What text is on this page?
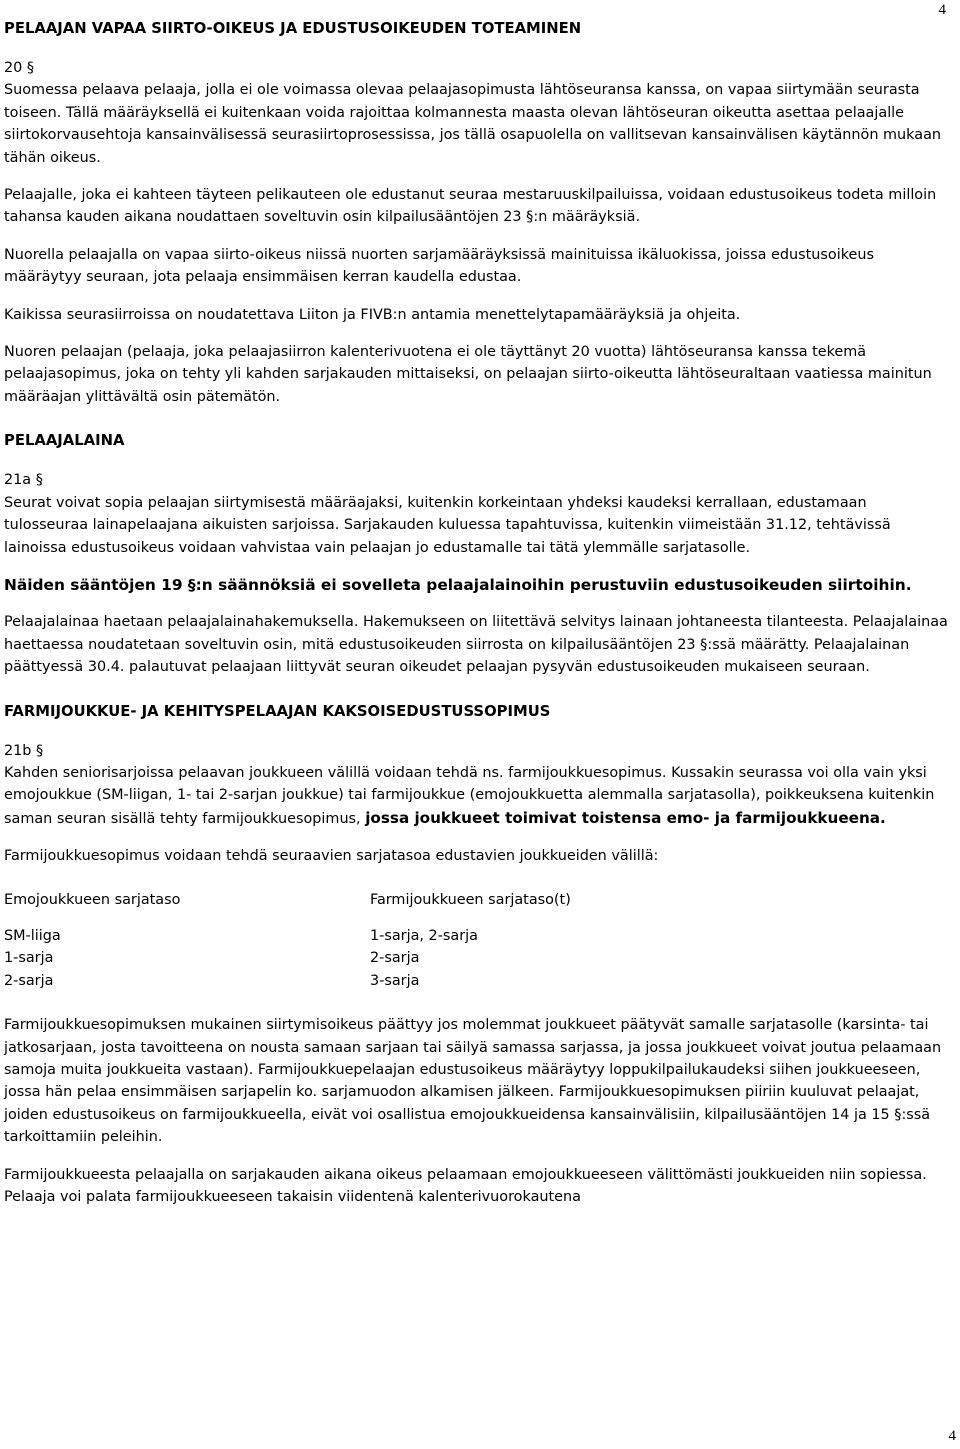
4
PELAAJAN VAPAA SIIRTO-OIKEUS JA EDUSTUSOIKEUDEN TOTEAMINEN

20 §

Suomessa pelaava pelaaja, jolla ei ole voimassa olevaa pelaajasopimusta lähtöseuransa kanssa, on vapaa siirtymään seurasta toiseen. Tällä määräyksellä ei kuitenkaan voida rajoittaa kolmannesta maasta olevan lähtöseuran oikeutta asettaa pelaajalle siirtokorvausehtoja kansainvälisessä seurasiirtoprosessissa, jos tällä osapuolella on vallitsevan kansainvälisen käytännön mukaan tähän oikeus.

Pelaajalle, joka ei kahteen täyteen pelikauteen ole edustanut seuraa mestaruuskilpailuissa, voidaan edustusoikeus todeta milloin tahansa kauden aikana noudattaen soveltuvin osin kilpailusääntöjen 23 §:n määräyksiä.

Nuorella pelaajalla on vapaa siirto-oikeus niissä nuorten sarjamääräyksissä mainituissa ikäluokissa, joissa edustusoikeus määräytyy seuraan, jota pelaaja ensimmäisen kerran kaudella edustaa.

Kaikissa seurasiirroissa on noudatettava Liiton ja FIVB:n antamia menettelytapamääräyksiä ja ohjeita.

Nuoren pelaajan (pelaaja, joka pelaajasiirron kalenterivuotena ei ole täyttänyt 20 vuotta) lähtöseuransa kanssa tekemä pelaajasopimus, joka on tehty yli kahden sarjakauden mittaiseksi, on pelaajan siirto-oikeutta lähtöseuraltaan vaatiessa mainitun määräajan ylittävältä osin pätemätön.

PELAAJALAINA

21a §

Seurat voivat sopia pelaajan siirtymisestä määräajaksi, kuitenkin korkeintaan yhdeksi kaudeksi kerrallaan, edustamaan tulosseuraa lainapelaajana aikuisten sarjoissa. Sarjakauden kuluessa tapahtuvissa, kuitenkin viimeistään 31.12, tehtävissä lainoissa edustusoikeus voidaan vahvistaa vain pelaajan jo edustamalle tai tätä ylemmälle sarjatasolle.

Näiden sääntöjen 19 §:n säännöksiä ei sovelleta pelaajalainoihin perustuviin edustusoikeuden siirtoihin.

Pelaajalainaa haetaan pelaajalainahakemuksella. Hakemukseen on liitettävä selvitys lainaan johtaneesta tilanteesta. Pelaajalainaa haettaessa noudatetaan soveltuvin osin, mitä edustusoikeuden siirrosta on kilpailusääntöjen 23 §:ssä määrätty. Pelaajalainan päättyessä 30.4. palautuvat pelaajaan liittyvät seuran oikeudet pelaajan pysyvän edustusoikeuden mukaiseen seuraan.

FARMIJOUKKUE- JA KEHITYSPELAAJAN KAKSOISEDUSTUSSOPIMUS

21b §

Kahden seniorisarjoissa pelaavan joukkueen välillä voidaan tehdä ns. farmijoukkuesopimus. Kussakin seurassa voi olla vain yksi emojoukkue (SM-liigan, 1- tai 2-sarjan joukkue) tai farmijoukkue (emojoukkuetta alemmalla sarjatasolla), poikkeuksena kuitenkin saman seuran sisällä tehty farmijoukkuesopimus, jossa joukkueet toimivat toistensa emo- ja farmijoukkueena.

Farmijoukkuesopimus voidaan tehdä seuraavien sarjatasoa edustavien joukkueiden välillä:

Emojoukkueen sarjataso	Farmijoukkueen sarjataso(t)
SM-liiga	1-sarja, 2-sarja
1-sarja	2-sarja
2-sarja	3-sarja

Farmijoukkuesopimuksen mukainen siirtymisoikeus päättyy jos molemmat joukkueet päätyvät samalle sarjatasolle (karsinta- tai jatkosarjaan, josta tavoitteena on nousta samaan sarjaan tai säilyä samassa sarjassa, ja jossa joukkueet voivat joutua pelaamaan samoja muita joukkueita vastaan). Farmijoukkuepelaajan edustusoikeus määräytyy loppukilpailukaudeksi siihen joukkueeseen, jossa hän pelaa ensimmäisen sarjapelin ko. sarjamuodon alkamisen jälkeen. Farmijoukkuesopimuksen piiriin kuuluvat pelaajat, joiden edustusoikeus on farmijoukkueella, eivät voi osallistua emojoukkueidensa kansainvälisiin, kilpailusääntöjen 14 ja 15 §:ssä tarkoittamiin peleihin.

Farmijoukkueesta pelaajalla on sarjakauden aikana oikeus pelaamaan emojoukkueeseen välittömästi joukkueiden niin sopiessa. Pelaaja voi palata farmijoukkueeseen takaisin viidentenä kalenterivuorokautena

4
